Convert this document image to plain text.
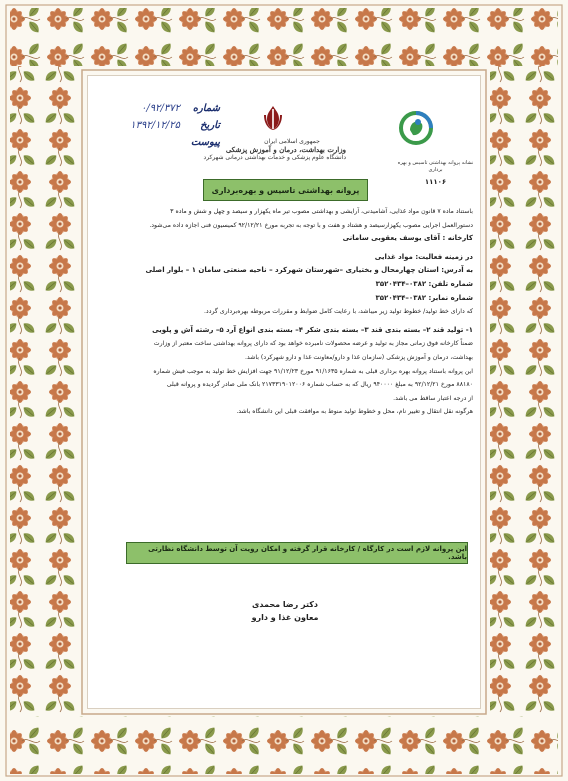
شماره
۰/۹۲/۳۷۲
تاریخ
۱۳۹۲/۱۲/۲۵
پیوست	جمهوری اسلامی ایران
وزارت بهداشت، درمان و آموزش پزشکی
دانشگاه علوم پزشکی و خدمات بهداشتی درمانی شهرکرد
نشانه پروانه بهداشتی تاسیس و بهره برداری
۱۱۱۰۶
پروانه بهداشتی تاسیس و بهره‌برداری

باستناد ماده ۷ قانون مواد غذایی، آشامیدنی، آرایشی و بهداشتی مصوب تیر ماه یکهزار و سیصد و چهل و شش و ماده ۳

دستورالعمل اجرایی مصوب یکهزارسیصد و هشتاد و هفت و با توجه به تجربه مورخ ۹۲/۱۲/۲۱ کمیسیون فنی اجازه داده می‌شود.

کارخانه : آقای یوسف یعقوبی سامانی

در زمینه فعالیت: مواد غذایی

به آدرس: استان چهارمحال و بختیاری –شهرستان شهرکرد – ناحیه صنعتی سامان ۱ – بلوار اصلی

شماره تلفن: ۰۳۸۲–۳۵۲۰۴۳۴

شماره نمابر: ۰۳۸۲–۳۵۲۰۴۳۴

که دارای خط تولید/ خطوط تولید زیر میباشد، با رعایت کامل ضوابط و مقررات مربوطه بهره‌برداری گردد.

۱- تولید قند ۲– بسته بندی قند ۳– بسته بندی شکر ۴– بسته بندی انواع آرد ۵– رشته آش و پلویی

ضمناً کارخانه فوق زمانی مجاز به تولید و عرضه محصولات نامبرده خواهد بود که دارای پروانه بهداشتی ساخت معتبر از وزارت

بهداشت، درمان و آموزش پزشکی (سازمان غذا و دارو/معاونت غذا و دارو شهرکرد) باشد.

این پروانه باستناد پروانه بهره برداری قبلی به شماره ۹۱/۱۶۳۵ مورخ ۹۱/۱۲/۲۳ جهت افزایش خط تولید به موجب فیش شماره

۸۸۱۸۰ مورخ ۹۲/۱۲/۲۱ به مبلغ ۹۴۰۰۰۰ ریال که به حساب شماره ۲۱۷۳۳۱۹۰۱۲۰۰۶ بانک ملی صادر گردیده و پروانه قبلی

از درجه اعتبار ساقط می باشد.

هرگونه نقل انتقال و تغییر نام، محل و خطوط تولید منوط به موافقت قبلی این دانشگاه باشد.

این پروانه لازم است در کارگاه / کارخانه قرار گرفته و امکان رویت آن توسط دانشگاه نظارتی باشد.
دکتر رضا محمدی
معاون غذا و دارو
